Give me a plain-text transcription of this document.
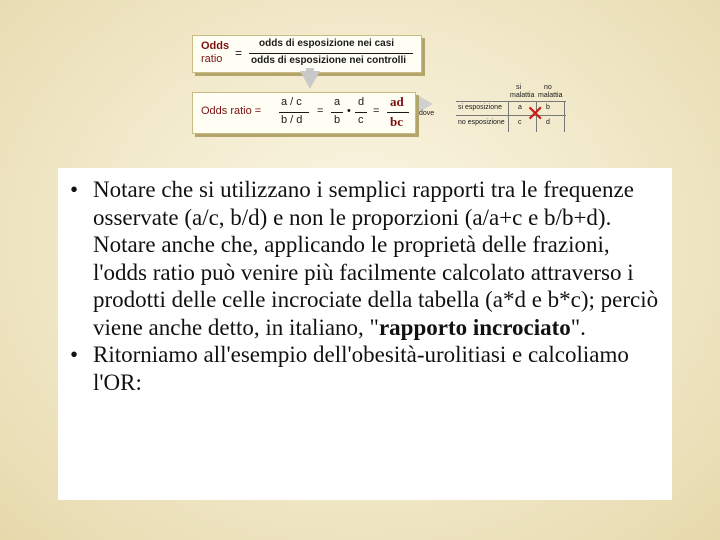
Odds
ratio =
odds di esposizione nei casi
odds di esposizione nei controlli
Odds ratio =
a / c
b / d
=
a
b
•
d
c
=
ad
bc
dove
si
malattia
no
malattia
si esposizione a	b
no esposizione c	d
✕
• Notare che si utilizzano i semplici rapporti tra le frequenze osservate (a/c, b/d) e non le proporzioni (a/a+c e b/b+d). Notare anche che, applicando le proprietà delle frazioni, l'odds ratio può venire più facilmente calcolato attraverso i prodotti delle celle incrociate della tabella (a*d e b*c); perciò viene anche detto, in italiano, "rapporto incrociato".
• Ritorniamo all'esempio dell'obesità-urolitiasi e calcoliamo l'OR:
